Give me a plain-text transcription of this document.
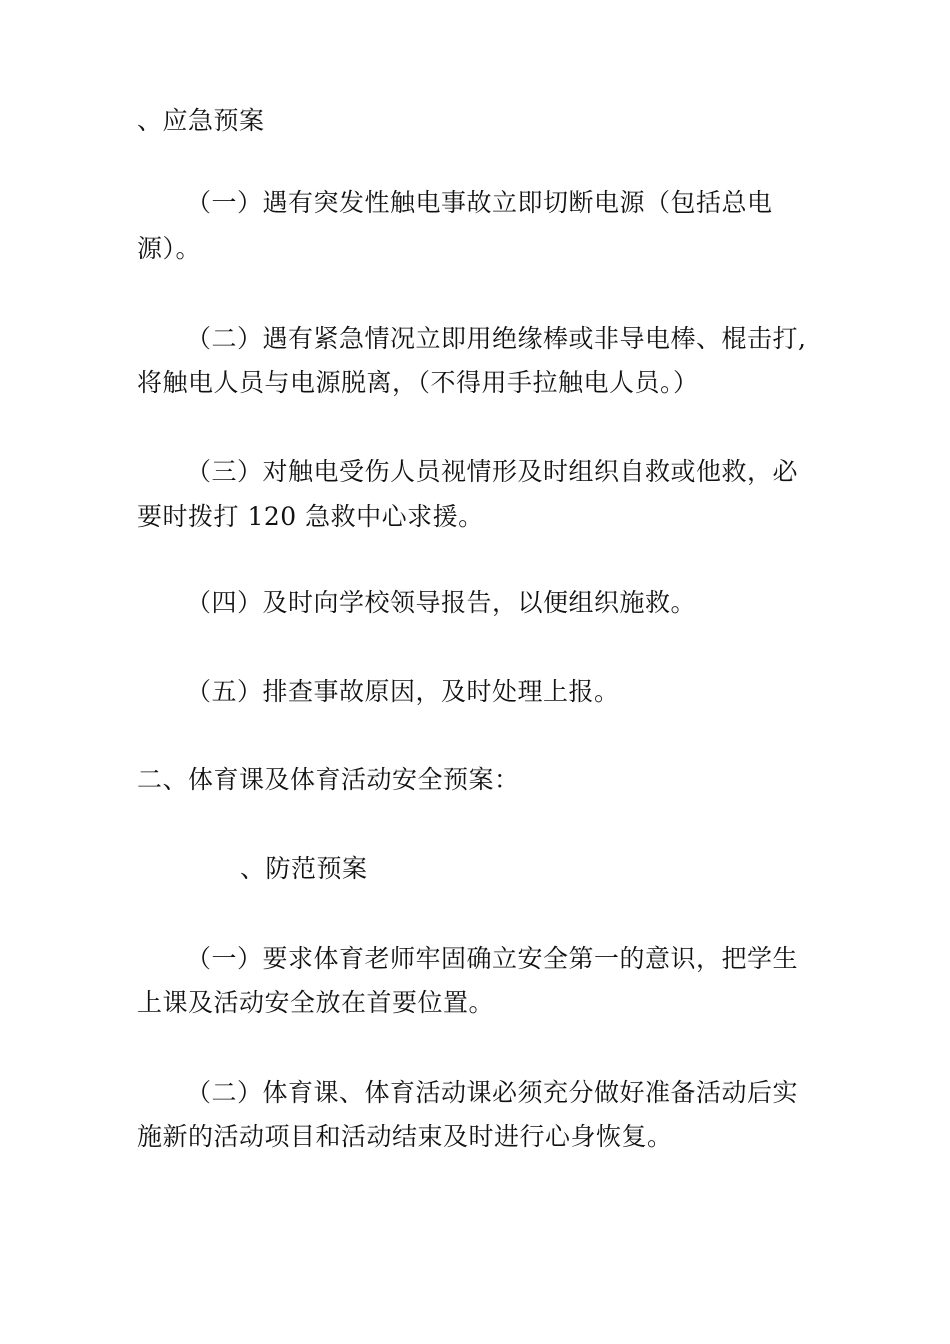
、应急预案
（一）遇有突发性触电事故立即切断电源（包括总电
源）。
（二）遇有紧急情况立即用绝缘棒或非导电棒、棍击打,
将触电人员与电源脱离，（不得用手拉触电人员。）
（三）对触电受伤人员视情形及时组织自救或他救，必
要时拨打 120 急救中心求援。
（四）及时向学校领导报告，以便组织施救。
（五）排查事故原因，及时处理上报。
二、体育课及体育活动安全预案：
、防范预案
（一）要求体育老师牢固确立安全第一的意识，把学生
上课及活动安全放在首要位置。
（二）体育课、体育活动课必须充分做好准备活动后实
施新的活动项目和活动结束及时进行心身恢复。
